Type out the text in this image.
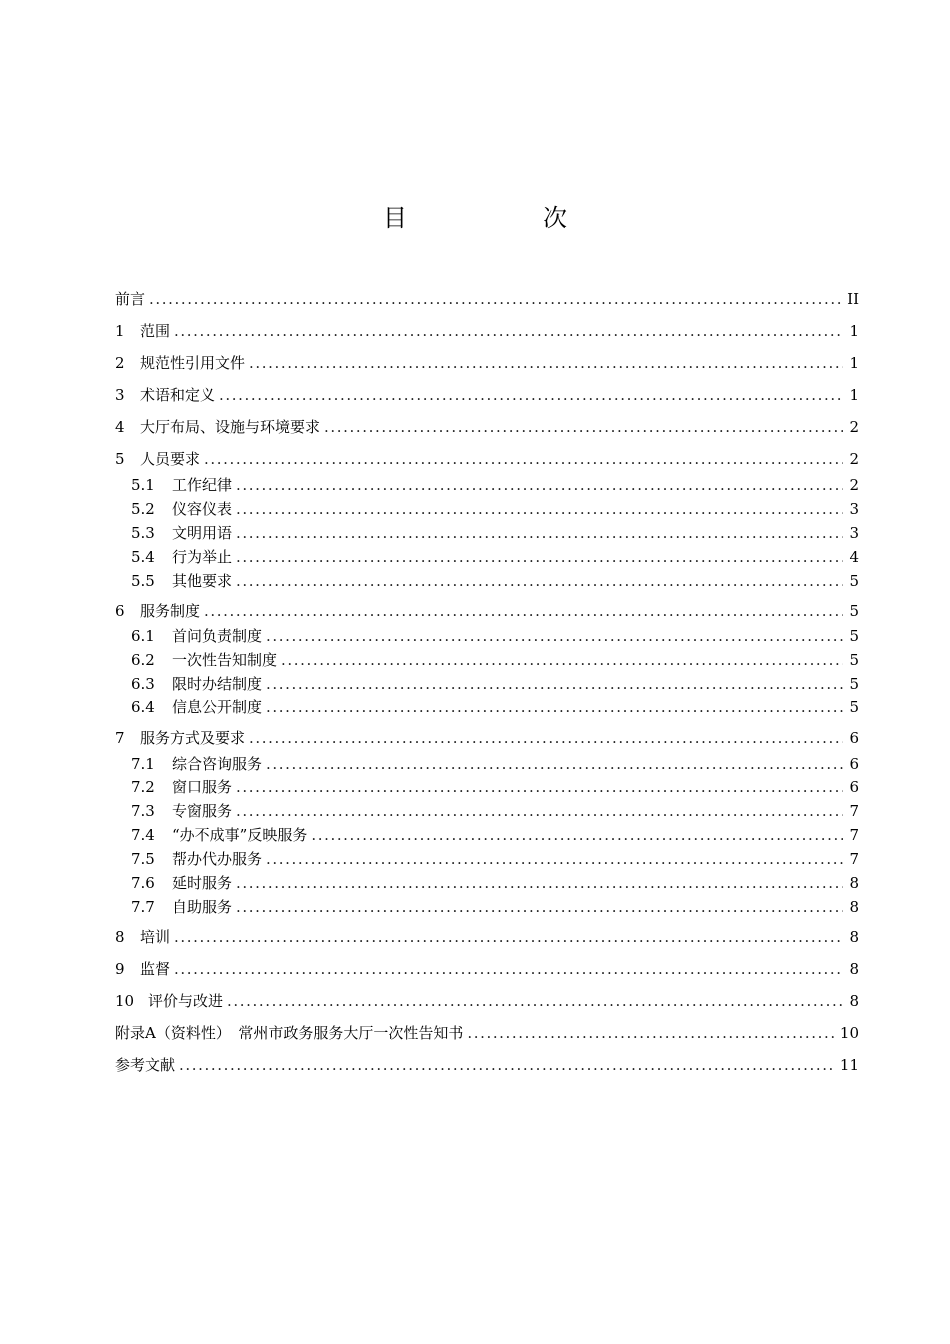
目　次
前言 .....	II
1	范围 .....	1
2	规范性引用文件 .....	1
3	术语和定义 .....	1
4	大厅布局、设施与环境要求 .....	2
5	人员要求 .....	2
5.1	工作纪律 .....	2
5.2	仪容仪表 .....	3
5.3	文明用语 .....	3
5.4	行为举止 .....	4
5.5	其他要求 .....	5
6	服务制度 .....	5
6.1	首问负责制度 .....	5
6.2	一次性告知制度 .....	5
6.3	限时办结制度 .....	5
6.4	信息公开制度 .....	5
7	服务方式及要求 .....	6
7.1	综合咨询服务 .....	6
7.2	窗口服务 .....	6
7.3	专窗服务 .....	7
7.4	“办不成事”反映服务 .....	7
7.5	帮办代办服务 .....	7
7.6	延时服务 .....	8
7.7	自助服务 .....	8
8	培训 .....	8
9	监督 .....	8
10 评价与改进 .....	8
附录A（资料性）　常州市政务服务大厅一次性告知书 .....	10
参考文献 .....	11
